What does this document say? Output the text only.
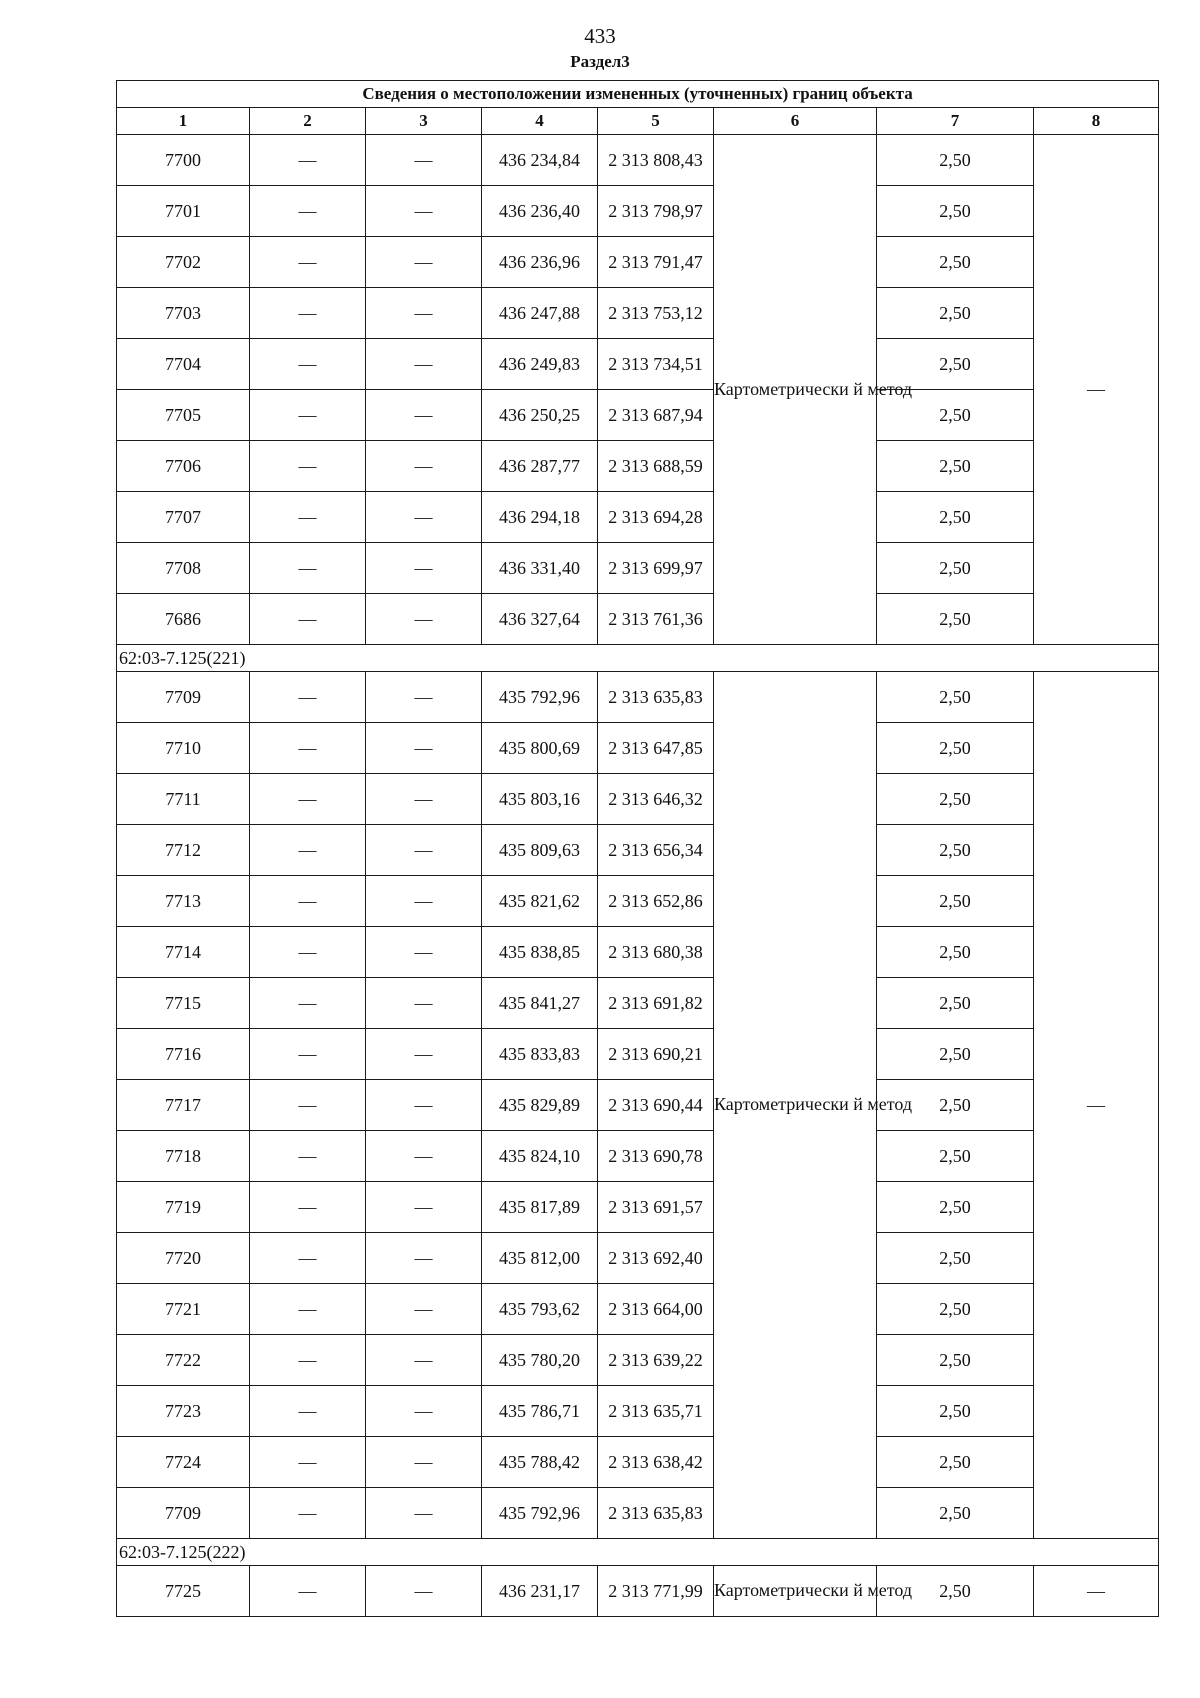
433
Раздел3
Сведения о местоположении измененных (уточненных) границ объекта							
1	2	3	4	5	6	7	8
7700	—	—	436 234,84	2 313 808,43	Картометрически й метод	2,50	—
7701	—	—	436 236,40	2 313 798,97		2,50	
7702	—	—	436 236,96	2 313 791,47		2,50	
7703	—	—	436 247,88	2 313 753,12		2,50	
7704	—	—	436 249,83	2 313 734,51		2,50	
7705	—	—	436 250,25	2 313 687,94		2,50	
7706	—	—	436 287,77	2 313 688,59		2,50	
7707	—	—	436 294,18	2 313 694,28		2,50	
7708	—	—	436 331,40	2 313 699,97		2,50	
7686	—	—	436 327,64	2 313 761,36		2,50	
62:03-7.125(221)							
7709	—	—	435 792,96	2 313 635,83	Картометрически й метод	2,50	—
7710	—	—	435 800,69	2 313 647,85		2,50	
7711	—	—	435 803,16	2 313 646,32		2,50	
7712	—	—	435 809,63	2 313 656,34		2,50	
7713	—	—	435 821,62	2 313 652,86		2,50	
7714	—	—	435 838,85	2 313 680,38		2,50	
7715	—	—	435 841,27	2 313 691,82		2,50	
7716	—	—	435 833,83	2 313 690,21		2,50	
7717	—	—	435 829,89	2 313 690,44		2,50	
7718	—	—	435 824,10	2 313 690,78		2,50	
7719	—	—	435 817,89	2 313 691,57		2,50	
7720	—	—	435 812,00	2 313 692,40		2,50	
7721	—	—	435 793,62	2 313 664,00		2,50	
7722	—	—	435 780,20	2 313 639,22		2,50	
7723	—	—	435 786,71	2 313 635,71		2,50	
7724	—	—	435 788,42	2 313 638,42		2,50	
7709	—	—	435 792,96	2 313 635,83		2,50	
62:03-7.125(222)							
7725	—	—	436 231,17	2 313 771,99	Картометрически й метод	2,50	—
